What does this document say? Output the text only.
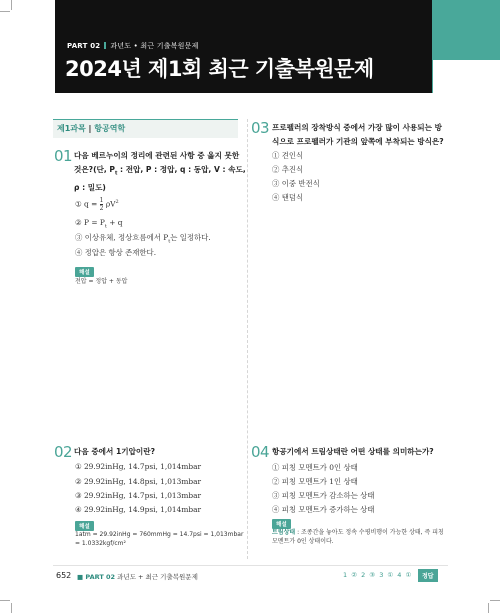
PART 02 과년도 • 최근 기출복원문제
2024년 제1회 최근 기출복원문제
제1과목 | 항공역학
01 다음 베르누이의 정리에 관련된 사항 중 옳지 못한
것은?(단, $P_t$ : 전압, P : 정압, q : 동압, V : 속도,
ρ : 밀도)
① $q = \frac{1}{2} \rho V^2$
② $P = P_t + q$
③ 이상유체, 정상흐름에서 $P_t$는 일정하다.
④ 정압은 항상 존재한다.
해설
전압 = 정압 + 동압
02 다음 중에서 1기압이란?
① 29.92inHg, 14.7psi, 1,014mbar
② 29.92inHg, 14.8psi, 1,013mbar
③ 29.92inHg, 14.7psi, 1,013mbar
④ 29.92inHg, 14.9psi, 1,014mbar
해설
1atm = 29.92inHg = 760mmHg = 14.7psi = 1,013mbar
= 1.0332kgf/cm²
03 프로펠러의 장착방식 중에서 가장 많이 사용되는 방
식으로 프로펠러가 기관의 앞쪽에 부착되는 방식은?
① 견인식
② 추진식
③ 이중 반전식
④ 탠덤식
04 항공기에서 트림상태란 어떤 상태를 의미하는가?
① 피칭 모멘트가 0인 상태
② 피칭 모멘트가 1인 상태
③ 피칭 모멘트가 감소하는 상태
④ 피칭 모멘트가 증가하는 상태
해설
트림상태 : 조종간을 놓아도 정속 수평비행이 가능한 상태, 즉 피칭
모멘트가 0인 상태이다.
652 ■ PART 02 과년도 + 최근 기출복원문제	1 ② 2 ③ 3 ① 4 ①	정답
